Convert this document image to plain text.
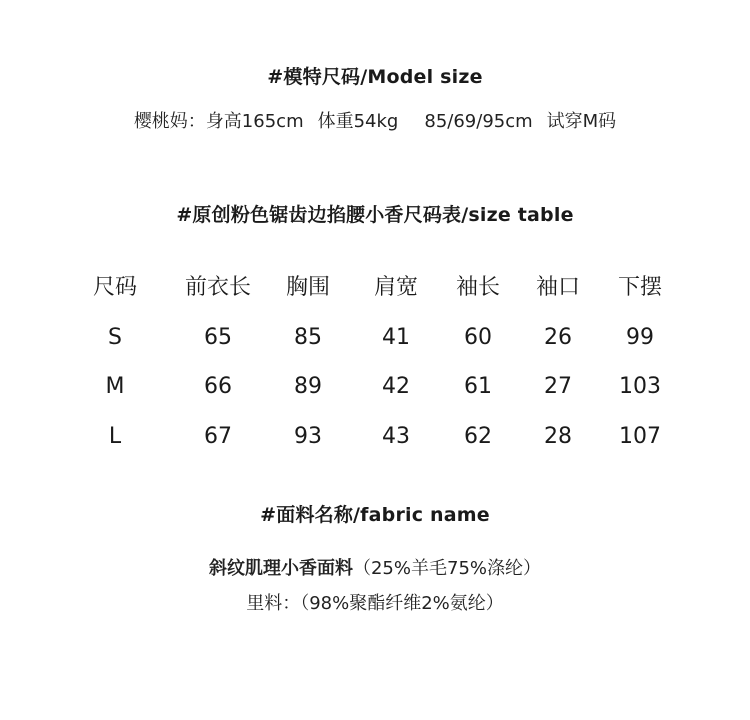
#模特尺码/Model size
樱桃妈：身高165cm 体重54kg 85/69/95cm 试穿M码
#原创粉色锯齿边掐腰小香尺码表/size table
尺码 前衣长 胸围 肩宽 袖长 袖口 下摆
S	65	85	41 60 26 99
M	66	89	42 61 27 103
L	67	93	43 62 28 107
#面料名称/fabric name
斜纹肌理小香面料（25%羊毛75%涤纶）
里料：（98%聚酯纤维2%氨纶）
